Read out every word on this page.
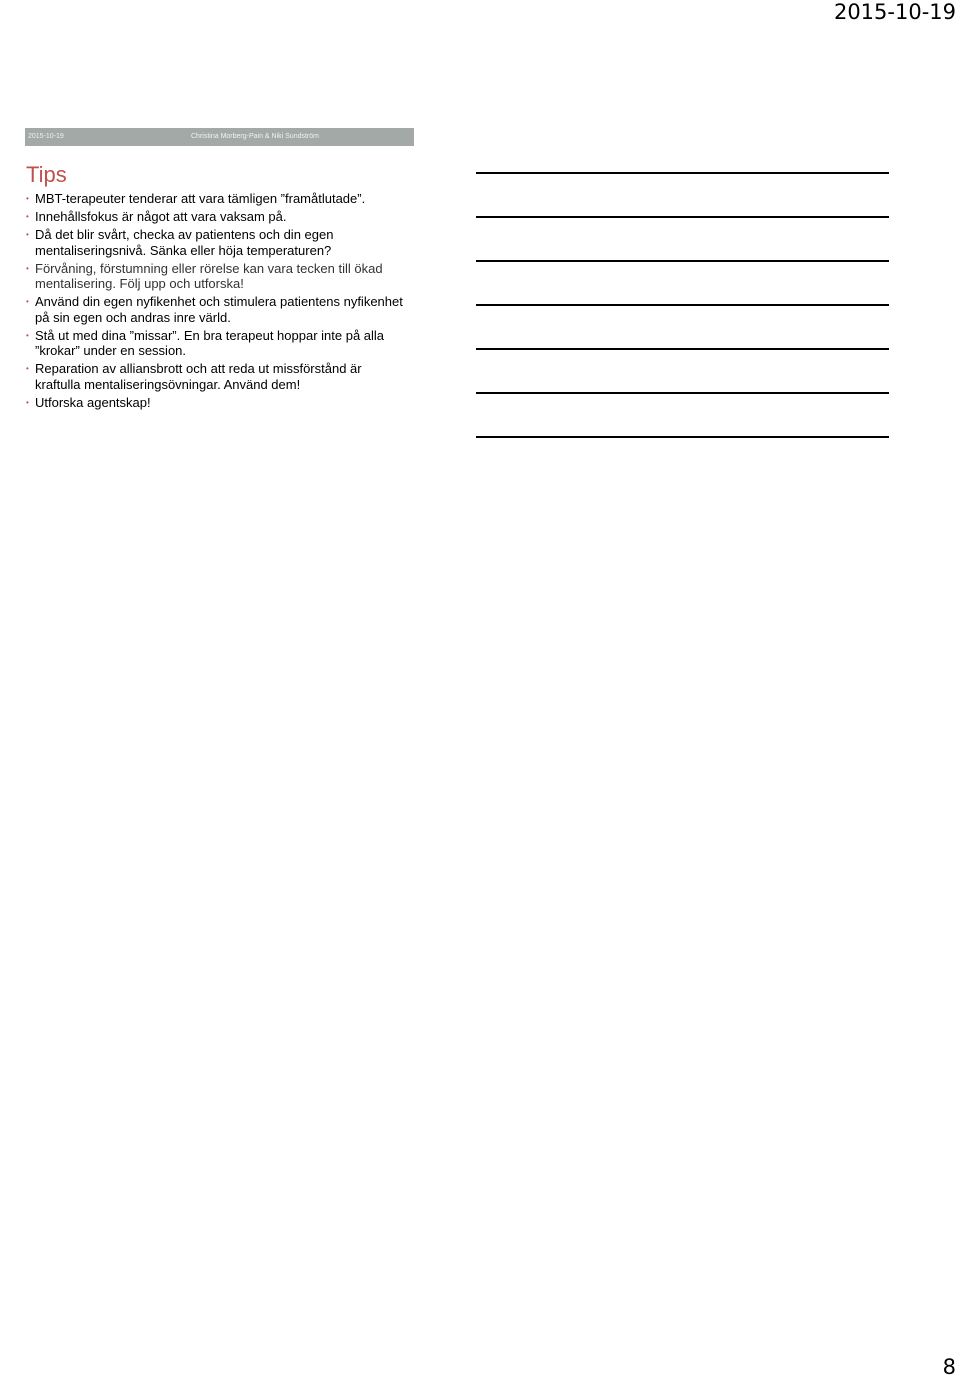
2015-10-19
2015-10-19	Christina Morberg-Pain & Niki Sundström
Tips
• MBT-terapeuter tenderar att vara tämligen ”framåtlutade”.
• Innehållsfokus är något att vara vaksam på.
• Då det blir svårt, checka av patientens och din egen mentaliseringsnivå. Sänka eller höja temperaturen?
• Förvåning, förstumning eller rörelse kan vara tecken till ökad mentalisering. Följ upp och utforska!
• Använd din egen nyfikenhet och stimulera patientens nyfikenhet på sin egen och andras inre värld.
• Stå ut med dina ”missar”. En bra terapeut hoppar inte på alla ”krokar” under en session.
• Reparation av alliansbrott och att reda ut missförstånd är kraftulla mentaliseringsövningar. Använd dem!
• Utforska agentskap!
8
